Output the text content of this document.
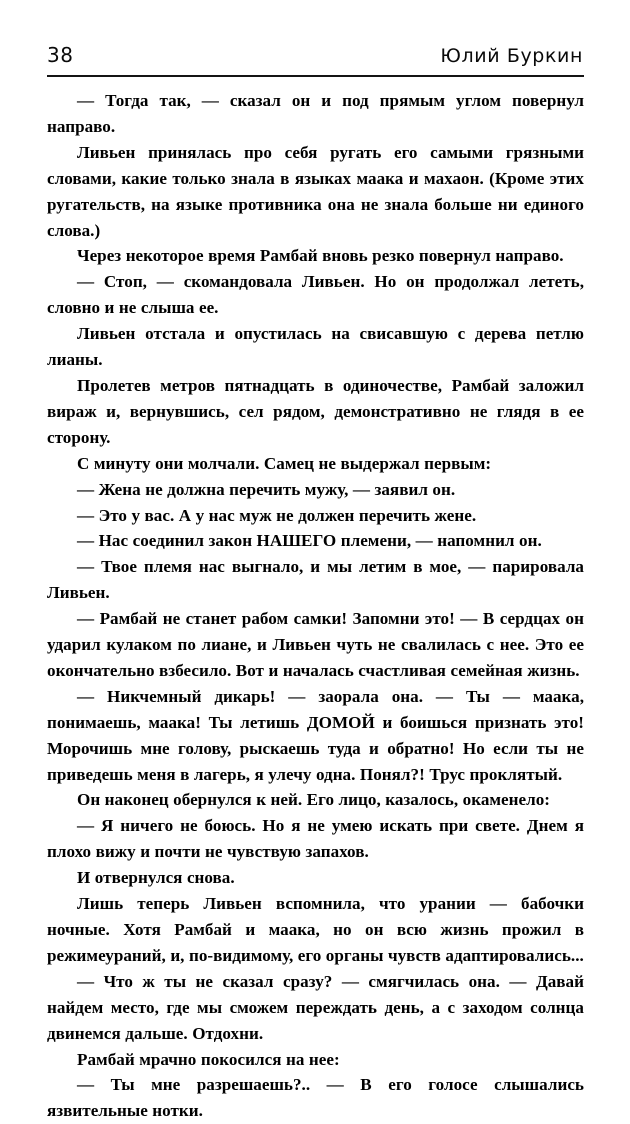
38	Юлий Буркин

— Тогда так, — сказал он и под прямым углом повернул направо.

Ливьен принялась про себя ругать его самыми грязными словами, какие только знала в языках маака и махаон. (Кроме этих ругательств, на языке противника она не знала больше ни единого слова.)

Через некоторое время Рамбай вновь резко повернул направо.

— Стоп, — скомандовала Ливьен. Но он продолжал лететь, словно и не слыша ее.

Ливьен отстала и опустилась на свисавшую с дерева петлю лианы.

Пролетев метров пятнадцать в одиночестве, Рамбай заложил вираж и, вернувшись, сел рядом, демонстративно не глядя в ее сторону.

С минуту они молчали. Самец не выдержал первым:

— Жена не должна перечить мужу, — заявил он.

— Это у вас. А у нас муж не должен перечить жене.

— Нас соединил закон НАШЕГО племени, — напомнил он.

— Твое племя нас выгнало, и мы летим в мое, — парировала Ливьен.

— Рамбай не станет рабом самки! Запомни это! — В сердцах он ударил кулаком по лиане, и Ливьен чуть не свалилась с нее. Это ее окончательно взбесило. Вот и началась счастливая семейная жизнь.

— Никчемный дикарь! — заорала она. — Ты — маака, понимаешь, маака! Ты летишь ДОМОЙ и боишься признать это! Морочишь мне голову, рыскаешь туда и обратно! Но если ты не приведешь меня в лагерь, я улечу одна. Понял?! Трус проклятый.

Он наконец обернулся к ней. Его лицо, казалось, окаменело:

— Я ничего не боюсь. Но я не умею искать при свете. Днем я плохо вижу и почти не чувствую запахов.

И отвернулся снова.

Лишь теперь Ливьен вспомнила, что урании — бабочки ночные. Хотя Рамбай и маака, но он всю жизнь прожил в режимеураний, и, по-видимому, его органы чувств адаптировались...

— Что ж ты не сказал сразу? — смягчилась она. — Давай найдем место, где мы сможем переждать день, а с заходом солнца двинемся дальше. Отдохни.

Рамбай мрачно покосился на нее:

— Ты мне разрешаешь?.. — В его голосе слышались язвительные нотки.
